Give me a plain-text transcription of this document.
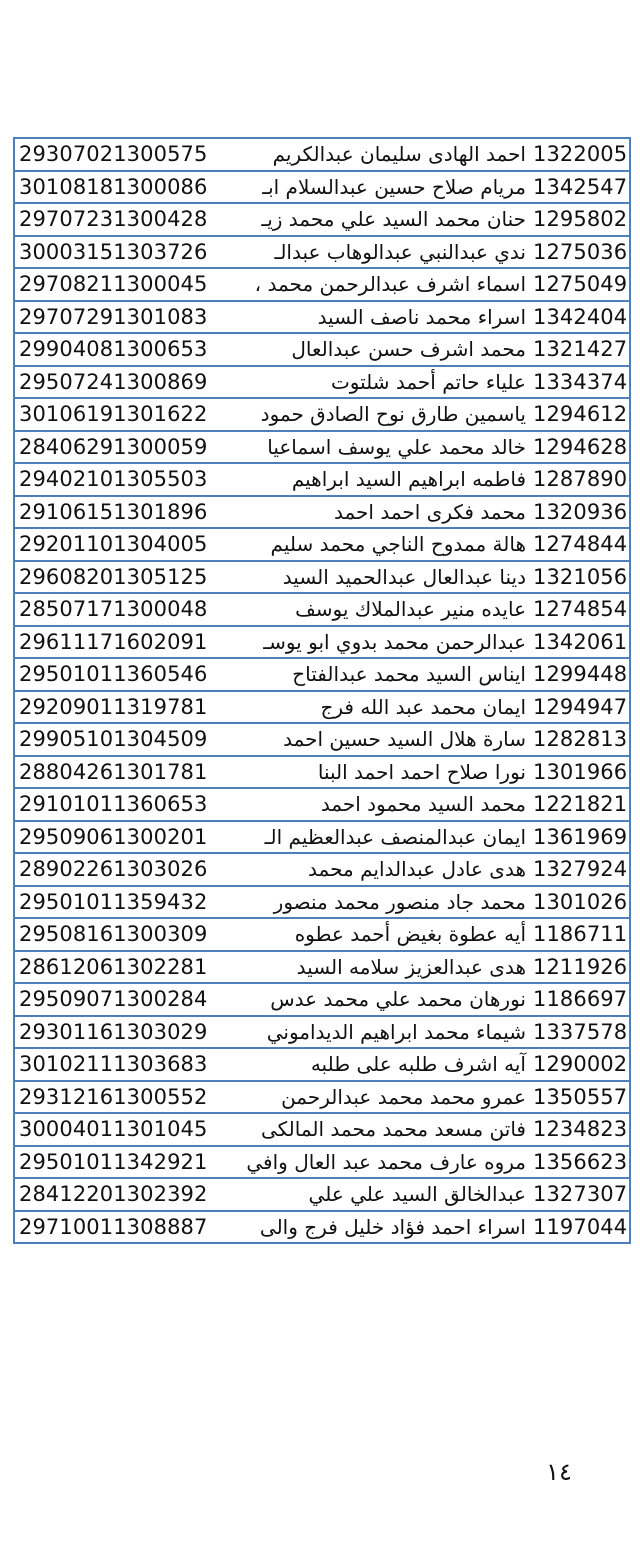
29307021300575	احمد الهادى سليمان عبدالكريم	1322005
30108181300086	مريام صلاح حسين عبدالسلام ابـ	1342547
29707231300428	حنان محمد السيد علي محمد زيـ	1295802
30003151303726	ندي عبدالنبي عبدالوهاب عبدالـ	1275036
29708211300045	اسماء اشرف عبدالرحمن محمد ،	1275049
29707291301083	اسراء محمد ناصف السيد	1342404
29904081300653	محمد اشرف حسن عبدالعال	1321427
29507241300869	علياء حاتم أحمد شلتوت	1334374
30106191301622	ياسمين طارق نوح الصادق حمود	1294612
28406291300059	خالد محمد علي يوسف اسماعيا	1294628
29402101305503	فاطمه ابراهيم السيد ابراهيم	1287890
29106151301896	محمد فكرى احمد احمد	1320936
29201101304005	هالة ممدوح الناجي محمد سليم	1274844
29608201305125	دينا عبدالعال عبدالحميد السيد	1321056
28507171300048	عايده منير عبدالملاك يوسف	1274854
29611171602091	عبدالرحمن محمد بدوي ابو يوسـ	1342061
29501011360546	ايناس السيد محمد عبدالفتاح	1299448
29209011319781	ايمان محمد عبد الله فرج	1294947
29905101304509	سارة هلال السيد حسين احمد	1282813
28804261301781	نورا صلاح احمد احمد البنا	1301966
29101011360653	محمد السيد محمود احمد	1221821
29509061300201	ايمان عبدالمنصف عبدالعظيم الـ	1361969
28902261303026	هدى عادل عبدالدايم محمد	1327924
29501011359432	محمد جاد منصور محمد منصور	1301026
29508161300309	أيه عطوة بغيض أحمد عطوه	1186711
28612061302281	هدى عبدالعزيز سلامه السيد	1211926
29509071300284	نورهان محمد علي محمد عدس	1186697
29301161303029	شيماء محمد ابراهيم الديداموني	1337578
30102111303683	آيه اشرف طلبه على طلبه	1290002
29312161300552	عمرو محمد محمد عبدالرحمن	1350557
30004011301045	فاتن مسعد محمد محمد المالكى	1234823
29501011342921	مروه عارف محمد عبد العال وافي	1356623
28412201302392	عبدالخالق السيد علي علي	1327307
29710011308887	اسراء احمد فؤاد خليل فرج والى	1197044
١٤
